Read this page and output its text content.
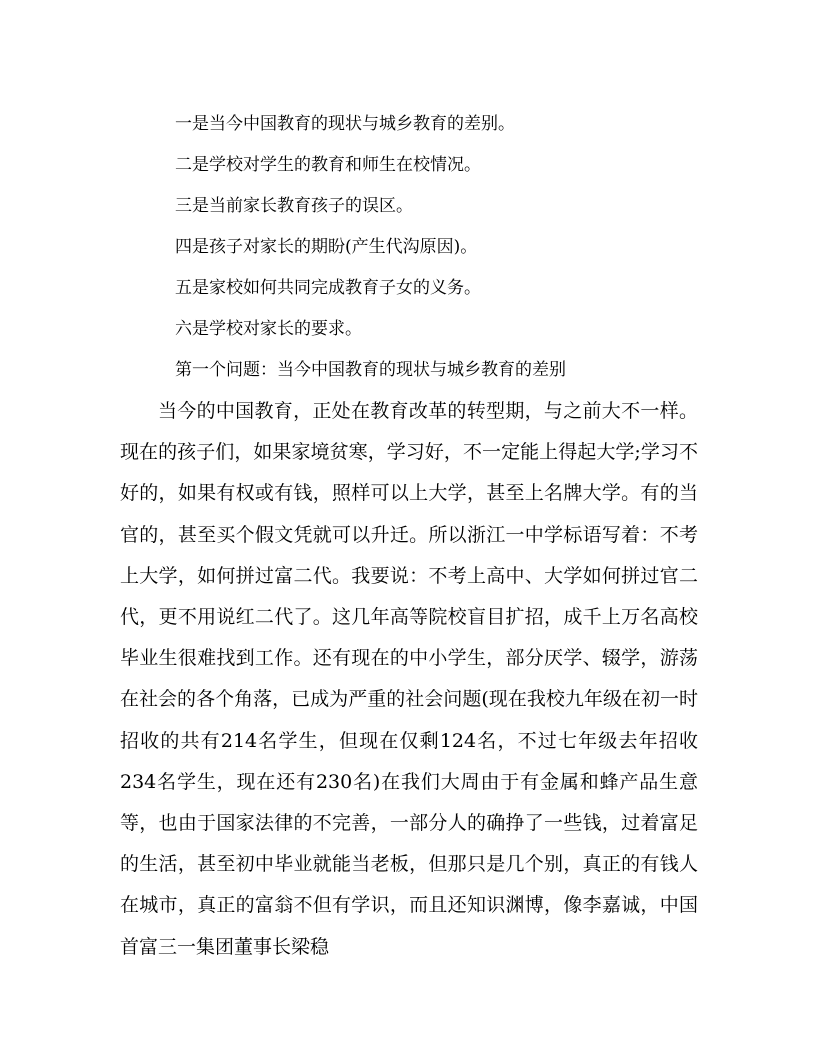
一是当今中国教育的现状与城乡教育的差别。
二是学校对学生的教育和师生在校情况。
三是当前家长教育孩子的误区。
四是孩子对家长的期盼(产生代沟原因)。
五是家校如何共同完成教育子女的义务。
六是学校对家长的要求。
第一个问题：当今中国教育的现状与城乡教育的差别
当今的中国教育，正处在教育改革的转型期，与之前大不一样。现在的孩子们，如果家境贫寒，学习好，不一定能上得起大学;学习不好的，如果有权或有钱，照样可以上大学，甚至上名牌大学。有的当官的，甚至买个假文凭就可以升迁。所以浙江一中学标语写着：不考上大学，如何拼过富二代。我要说：不考上高中、大学如何拼过官二代，更不用说红二代了。这几年高等院校盲目扩招，成千上万名高校毕业生很难找到工作。还有现在的中小学生，部分厌学、辍学，游荡在社会的各个角落，已成为严重的社会问题(现在我校九年级在初一时招收的共有214名学生，但现在仅剩124名，不过七年级去年招收234名学生，现在还有230名)在我们大周由于有金属和蜂产品生意等，也由于国家法律的不完善，一部分人的确挣了一些钱，过着富足的生活，甚至初中毕业就能当老板，但那只是几个别，真正的有钱人在城市，真正的富翁不但有学识，而且还知识渊博，像李嘉诚，中国首富三一集团董事长梁稳
